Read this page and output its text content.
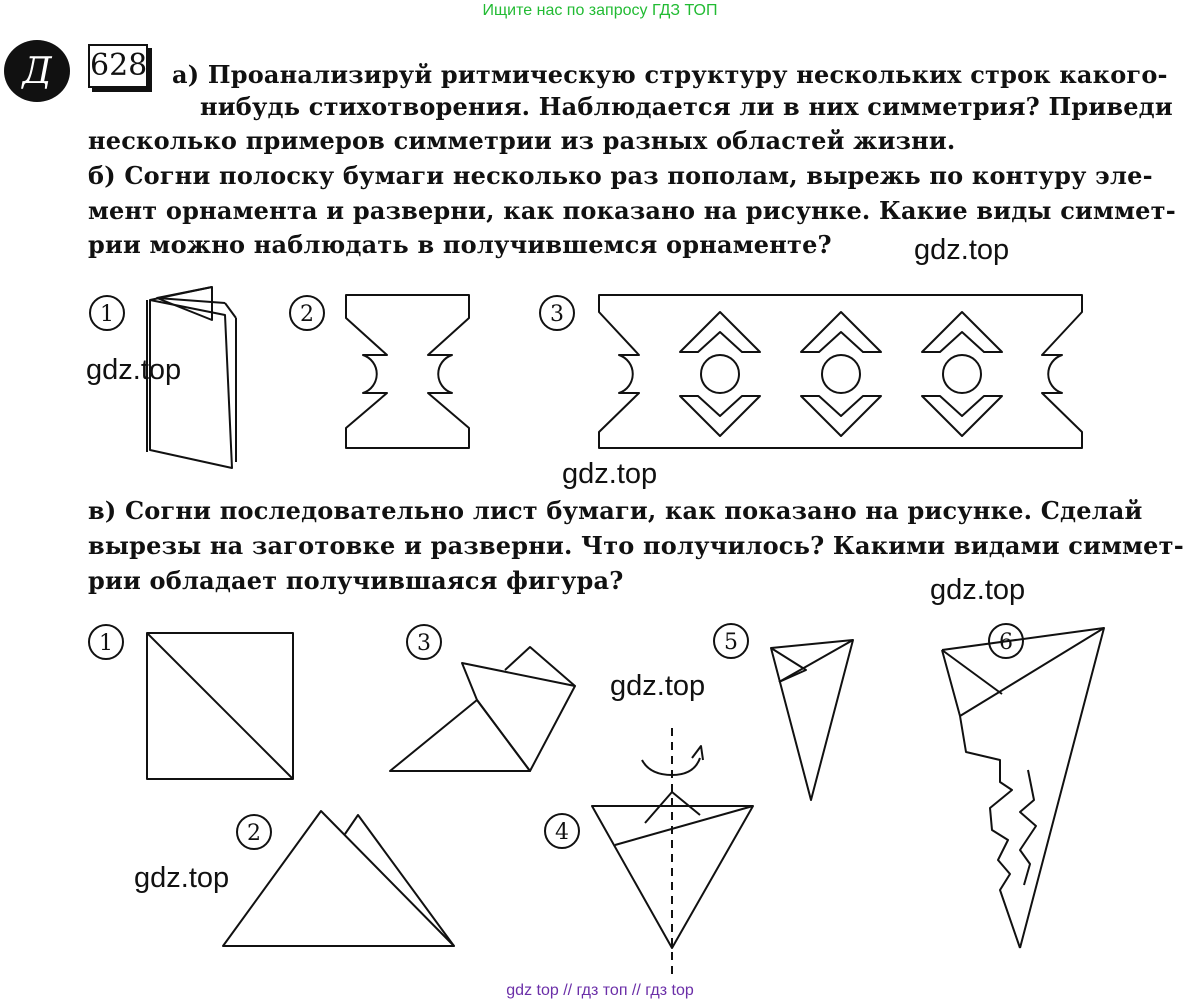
Ищите нас по запросу ГДЗ ТОП
Д	628 а) Проанализируй ритмическую структуру нескольких строк какого-
нибудь стихотворения. Наблюдается ли в них симметрия? Приведи
несколько примеров симметрии из разных областей жизни.
б) Согни полоску бумаги несколько раз пополам, вырежь по контуру эле-
мент орнамента и разверни, как показано на рисунке. Какие виды симмет-
рии можно наблюдать в получившемся орнаменте?
в) Согни последовательно лист бумаги, как показано на рисунке. Сделай
вырезы на заготовке и разверни. Что получилось? Какими видами симмет-
рии обладает получившаяся фигура?
gdz.top
gdz.top
gdz.top
gdz.top
gdz.top
gdz.top
1	2	3
1
2
3
4
5	6
gdz top // гдз топ // гдз top
